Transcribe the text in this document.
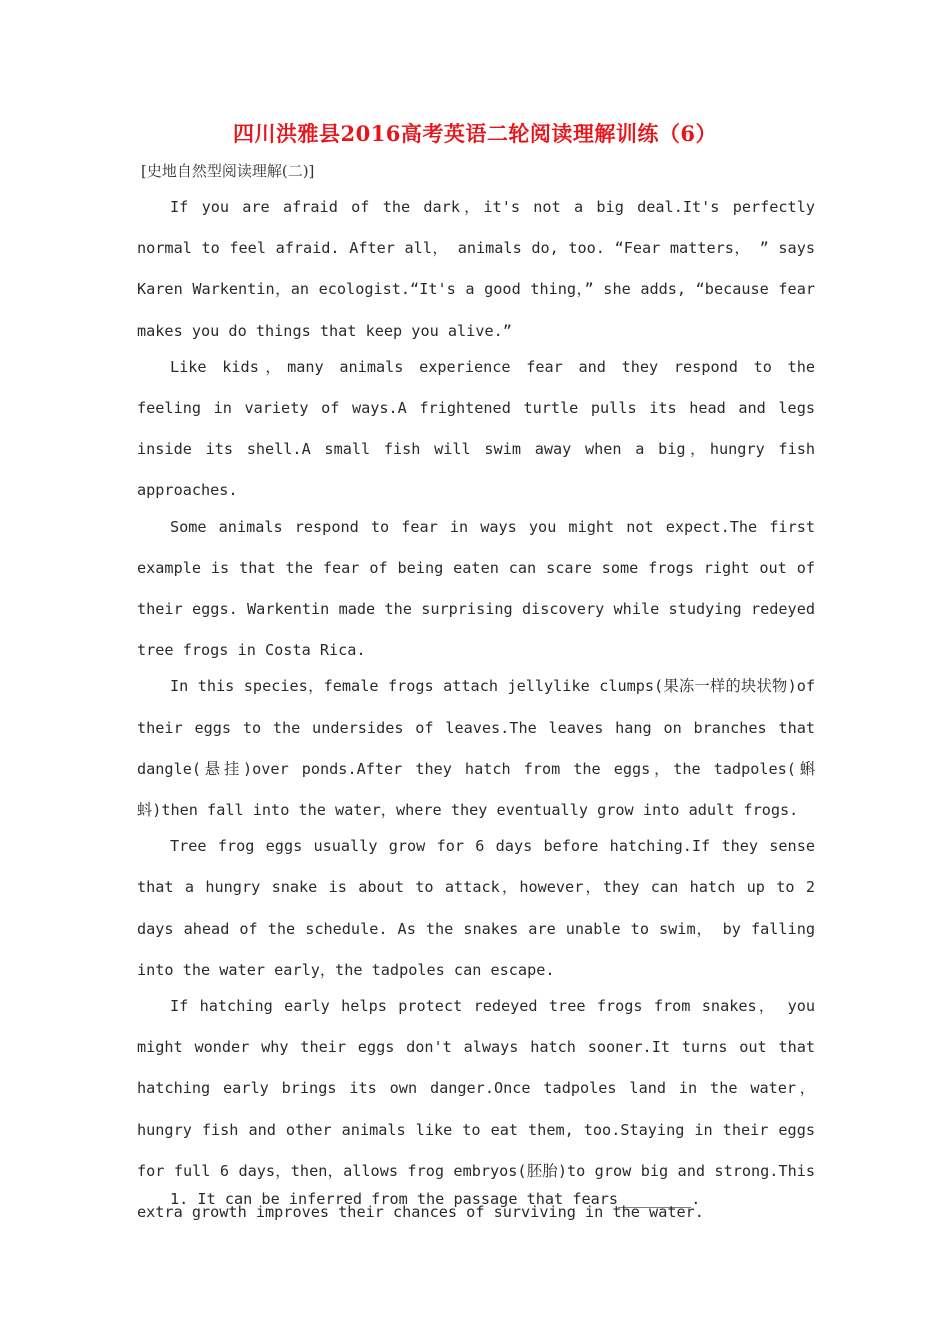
四川洪雅县2016高考英语二轮阅读理解训练（6）
[史地自然型阅读理解(二)]

If you are afraid of the dark，it's not a big deal.It's perfectly normal to feel afraid. After all， animals do, too. “Fear matters， ” says Karen Warkentin，an ecologist.“It's a good thing，” she adds, “because fear makes you do things that keep you alive.”

Like kids，many animals experience fear and they respond to the feeling in variety of ways.A frightened turtle pulls its head and legs inside its shell.A small fish will swim away when a big，hungry fish approaches.

Some animals respond to fear in ways you might not expect.The first example is that the fear of being eaten can scare some frogs right out of their eggs. Warkentin made the surprising discovery while studying redeyed tree frogs in Costa Rica.

In this species，female frogs attach jellylike clumps(果冻一样的块状物)of their eggs to the undersides of leaves.The leaves hang on branches that dangle(悬挂)over ponds.After they hatch from the eggs，the tadpoles(蝌蚪)then fall into the water，where they eventually grow into adult frogs.

Tree frog eggs usually grow for 6 days before hatching.If they sense that a hungry snake is about to attack，however，they can hatch up to 2 days ahead of the schedule. As the snakes are unable to swim， by falling into the water early，the tadpoles can escape.

If hatching early helps protect redeyed tree frogs from snakes， you might wonder why their eggs don't always hatch sooner.It turns out that hatching early brings its own danger.Once tadpoles land in the water，hungry fish and other animals like to eat them, too.Staying in their eggs for full 6 days，then，allows frog embryos(胚胎)to grow big and strong.This extra growth improves their chances of surviving in the water.

1. It can be inferred from the passage that fears________.
